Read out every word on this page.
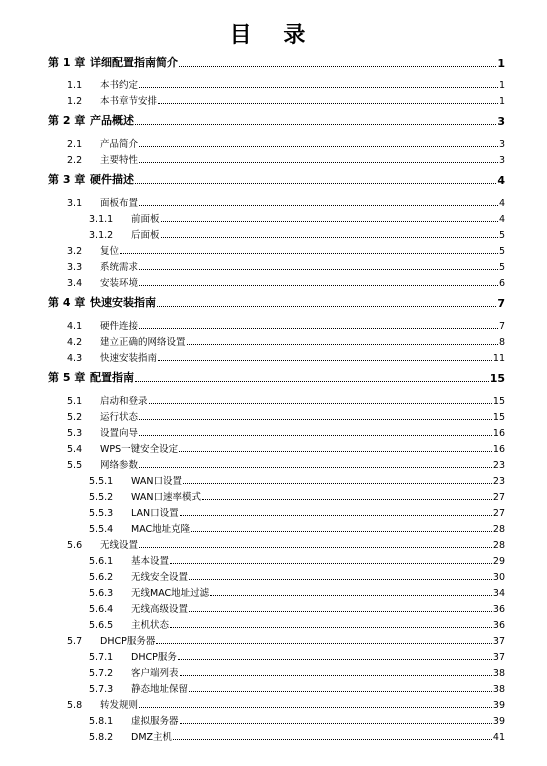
目 录
第 1 章 详细配置指南简介	1
1.1	本书约定	1
1.2	本书章节安排	1
第 2 章 产品概述	3
2.1	产品简介	3
2.2	主要特性	3
第 3 章 硬件描述	4
3.1	面板布置	4
3.1.1	前面板	4
3.1.2	后面板	5
3.2	复位	5
3.3	系统需求	5
3.4	安装环境	6
第 4 章 快速安装指南	7
4.1	硬件连接	7
4.2	建立正确的网络设置	8
4.3	快速安装指南	11
第 5 章 配置指南	15
5.1	启动和登录	15
5.2	运行状态	15
5.3	设置向导	16
5.4	WPS一键安全设定	16
5.5	网络参数	23
5.5.1	WAN口设置	23
5.5.2	WAN口速率模式	27
5.5.3	LAN口设置	27
5.5.4	MAC地址克隆	28
5.6	无线设置	28
5.6.1	基本设置	29
5.6.2	无线安全设置	30
5.6.3	无线MAC地址过滤	34
5.6.4	无线高级设置	36
5.6.5	主机状态	36
5.7	DHCP服务器	37
5.7.1	DHCP服务	37
5.7.2	客户端列表	38
5.7.3	静态地址保留	38
5.8	转发规则	39
5.8.1	虚拟服务器	39
5.8.2	DMZ主机	41
